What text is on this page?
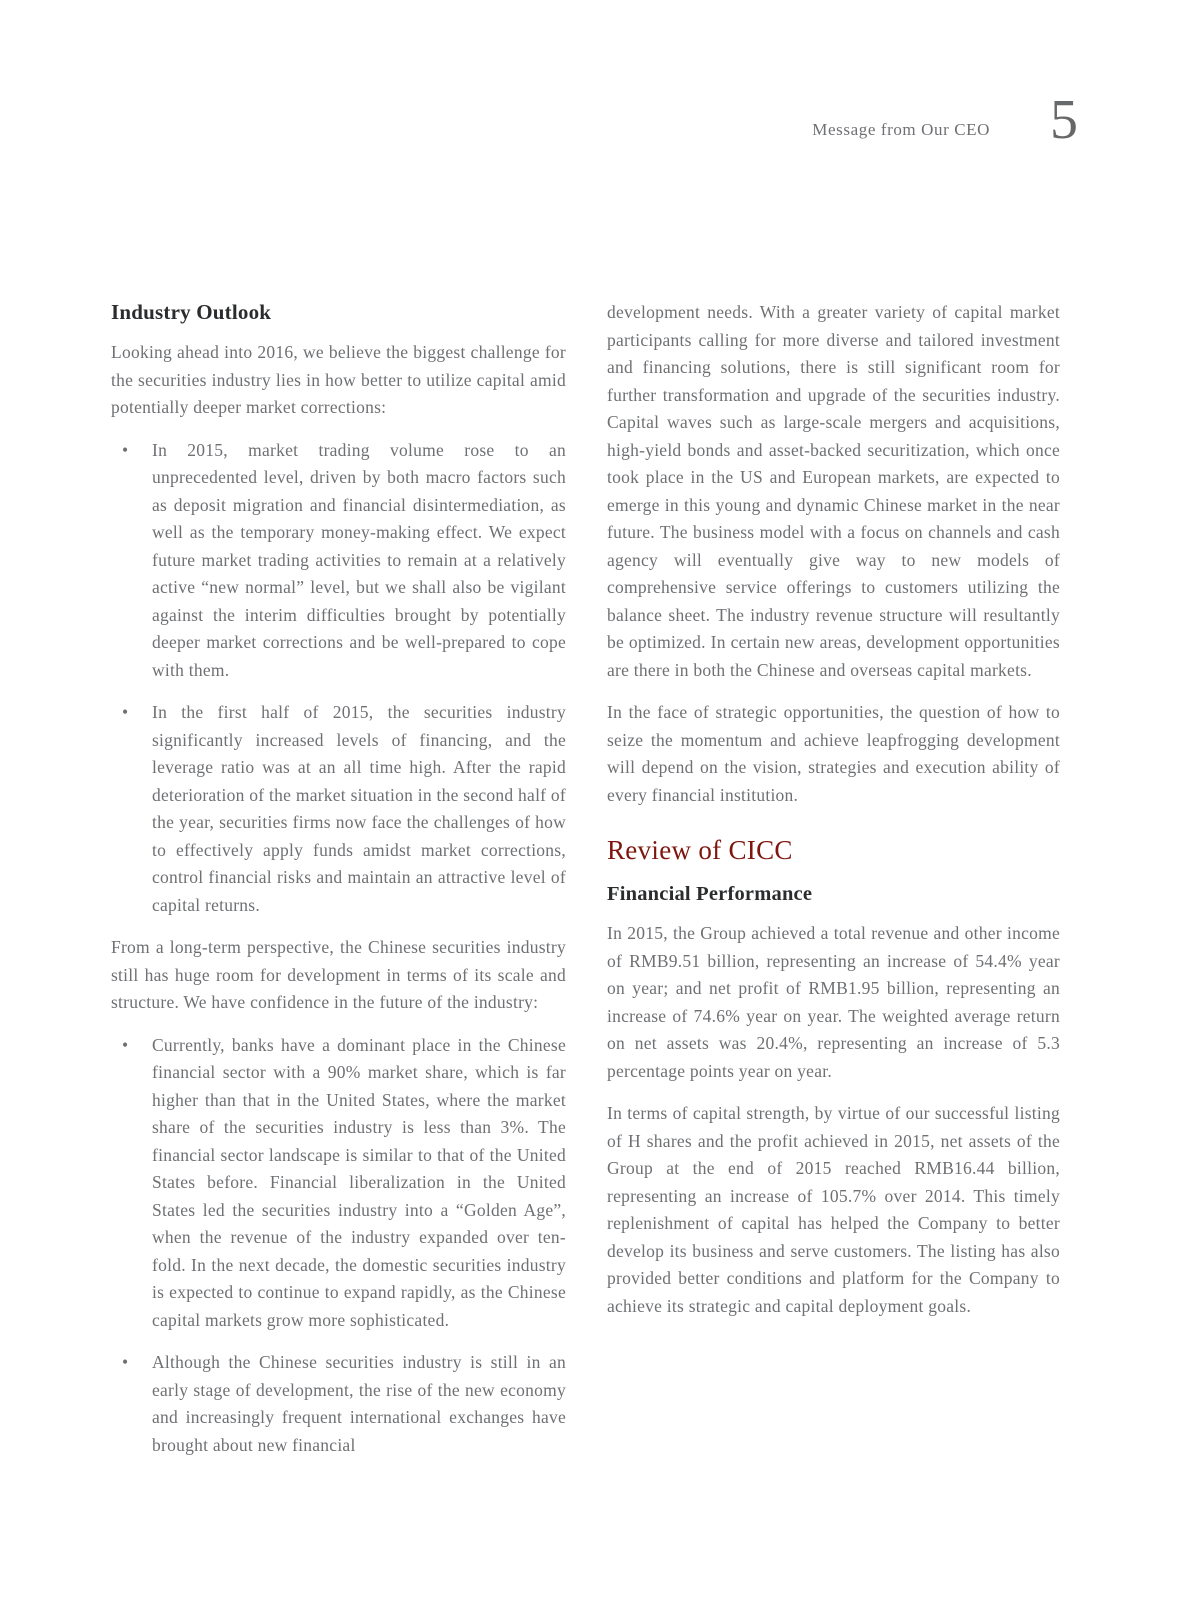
Message from Our CEO 5
Industry Outlook

Looking ahead into 2016, we believe the biggest challenge for the securities industry lies in how better to utilize capital amid potentially deeper market corrections:

• In 2015, market trading volume rose to an unprecedented level, driven by both macro factors such as deposit migration and financial disintermediation, as well as the temporary money-making effect. We expect future market trading activities to remain at a relatively active “new normal” level, but we shall also be vigilant against the interim difficulties brought by potentially deeper market corrections and be well-prepared to cope with them.
• In the first half of 2015, the securities industry significantly increased levels of financing, and the leverage ratio was at an all time high. After the rapid deterioration of the market situation in the second half of the year, securities firms now face the challenges of how to effectively apply funds amidst market corrections, control financial risks and maintain an attractive level of capital returns.

From a long-term perspective, the Chinese securities industry still has huge room for development in terms of its scale and structure. We have confidence in the future of the industry:

• Currently, banks have a dominant place in the Chinese financial sector with a 90% market share, which is far higher than that in the United States, where the market share of the securities industry is less than 3%. The financial sector landscape is similar to that of the United States before. Financial liberalization in the United States led the securities industry into a “Golden Age”, when the revenue of the industry expanded over ten-fold. In the next decade, the domestic securities industry is expected to continue to expand rapidly, as the Chinese capital markets grow more sophisticated.
• Although the Chinese securities industry is still in an early stage of development, the rise of the new economy and increasingly frequent international exchanges have brought about new financial

development needs. With a greater variety of capital market participants calling for more diverse and tailored investment and financing solutions, there is still significant room for further transformation and upgrade of the securities industry. Capital waves such as large-scale mergers and acquisitions, high-yield bonds and asset-backed securitization, which once took place in the US and European markets, are expected to emerge in this young and dynamic Chinese market in the near future. The business model with a focus on channels and cash agency will eventually give way to new models of comprehensive service offerings to customers utilizing the balance sheet. The industry revenue structure will resultantly be optimized. In certain new areas, development opportunities are there in both the Chinese and overseas capital markets.

In the face of strategic opportunities, the question of how to seize the momentum and achieve leapfrogging development will depend on the vision, strategies and execution ability of every financial institution.

Review of CICC
Financial Performance

In 2015, the Group achieved a total revenue and other income of RMB9.51 billion, representing an increase of 54.4% year on year; and net profit of RMB1.95 billion, representing an increase of 74.6% year on year. The weighted average return on net assets was 20.4%, representing an increase of 5.3 percentage points year on year.

In terms of capital strength, by virtue of our successful listing of H shares and the profit achieved in 2015, net assets of the Group at the end of 2015 reached RMB16.44 billion, representing an increase of 105.7% over 2014. This timely replenishment of capital has helped the Company to better develop its business and serve customers. The listing has also provided better conditions and platform for the Company to achieve its strategic and capital deployment goals.
